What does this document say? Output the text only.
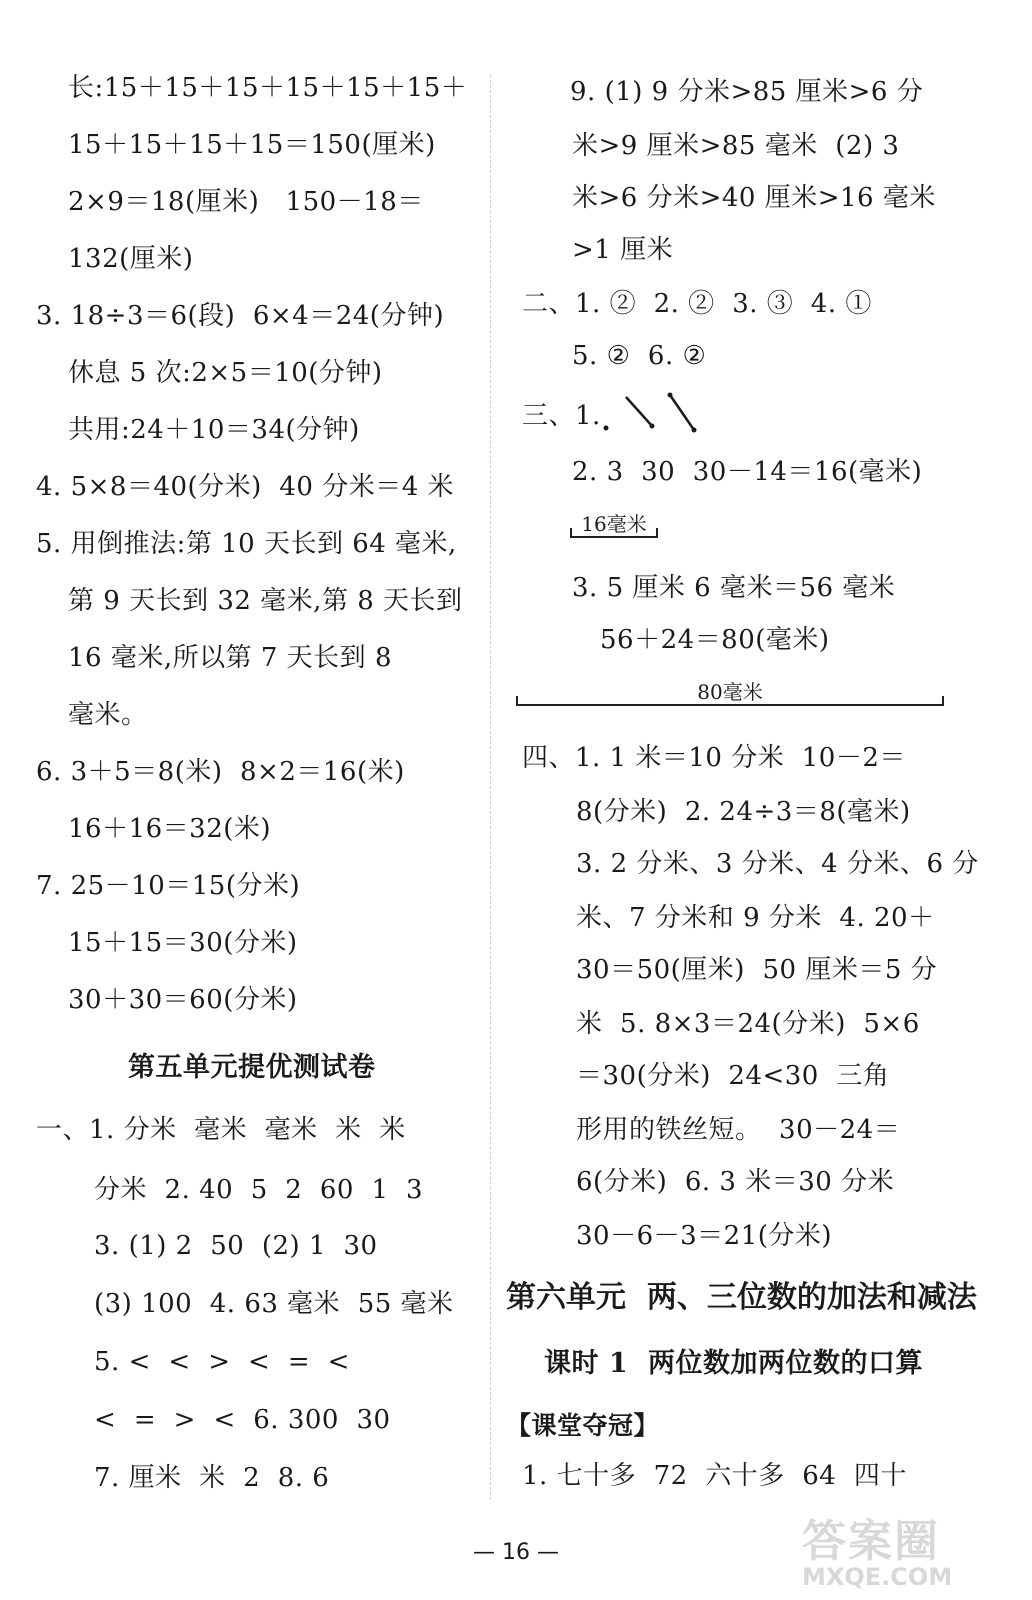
长:15＋15＋15＋15＋15＋15＋
15＋15＋15＋15＝150(厘米)
2×9＝18(厘米)   150－18＝
132(厘米)
3. 18÷3＝6(段)  6×4＝24(分钟)
休息 5 次:2×5＝10(分钟)
共用:24＋10＝34(分钟)
4. 5×8＝40(分米)  40 分米＝4 米
5. 用倒推法:第 10 天长到 64 毫米,
第 9 天长到 32 毫米,第 8 天长到
16 毫米,所以第 7 天长到 8
毫米。
6. 3＋5＝8(米)  8×2＝16(米)
16＋16＝32(米)
7. 25－10＝15(分米)
15＋15＝30(分米)
30＋30＝60(分米)
第五单元提优测试卷
一、1. 分米  毫米  毫米  米  米
分米  2. 40  5  2  60  1  3
3. (1) 2  50  (2) 1  30
(3) 100  4. 63 毫米  55 毫米
5. <  <  >  <  =  <
<  =  >  <  6. 300  30
7. 厘米  米  2  8. 6
9. (1) 9 分米>85 厘米>6 分
米>9 厘米>85 毫米  (2) 3
米>6 分米>40 厘米>16 毫米
>1 厘米
二、1. ②  2. ②  3. ③  4. ①
5. ②  6. ②
三、1.
2. 3  30  30－14＝16(毫米)
16毫米
3. 5 厘米 6 毫米＝56 毫米
56＋24＝80(毫米)
80毫米
四、1. 1 米＝10 分米  10－2＝
8(分米)  2. 24÷3＝8(毫米)
3. 2 分米、3 分米、4 分米、6 分
米、7 分米和 9 分米  4. 20＋
30＝50(厘米)  50 厘米＝5 分
米  5. 8×3＝24(分米)  5×6
＝30(分米)  24<30  三角
形用的铁丝短。  30－24＝
6(分米)  6. 3 米＝30 分米
30－6－3＝21(分米)
第六单元  两、三位数的加法和减法
课时 1  两位数加两位数的口算
【课堂夺冠】
1. 七十多  72  六十多  64  四十
— 16 —	答案圈
MXQE.COM
